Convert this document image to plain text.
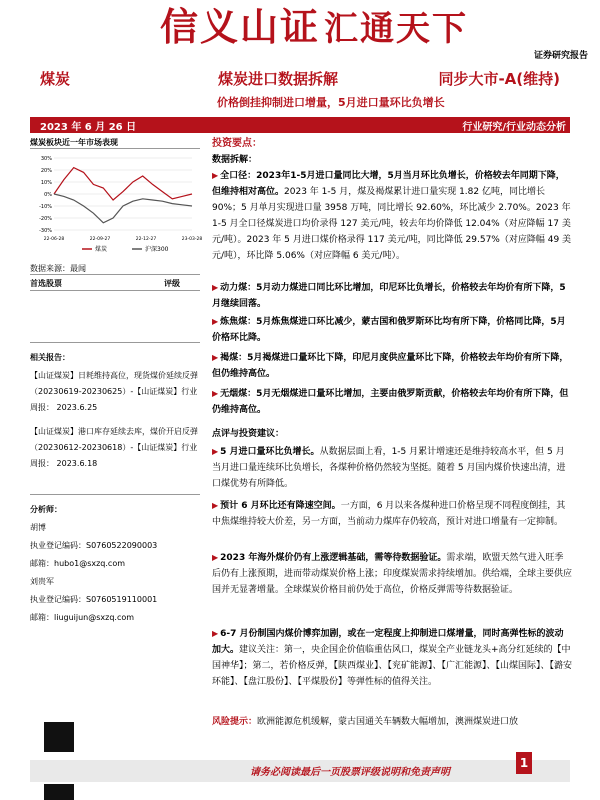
信义山证 汇通天下
证券研究报告
煤炭	煤炭进口数据拆解	同步大市-A(维持)
价格倒挂抑制进口增量，5月进口量环比负增长
2023 年 6 月 26 日	行业研究/行业动态分析
煤炭板块近一年市场表现
30%
20%
10%
0%
-10%
-20%
-30%
22-06-28	22-09-27	22-12-27	23-03-28
煤炭	沪深300
数据来源：最闻
首选股票	评级
相关报告：
【山证煤炭】日耗维持高位，现货煤价延续反弹（20230619-20230625）-【山证煤炭】行业周报： 2023.6.25
【山证煤炭】港口库存延续去库，煤价开启反弹（20230612-20230618）-【山证煤炭】行业周报： 2023.6.18
分析师：
胡博
执业登记编码：S0760522090003
邮箱：hubo1@sxzq.com
刘贵军
执业登记编码：S0760519110001
邮箱：liuguijun@sxzq.com
投资要点：
数据拆解：
▶ 全口径：2023年1-5月进口量同比大增，5月当月环比负增长，价格较去年同期下降，但维持相对高位。2023 年 1-5 月，煤及褐煤累计进口量实现 1.82 亿吨，同比增长 90%；5 月单月实现进口量 3958 万吨，同比增长 92.60%，环比减少 2.70%。2023 年 1-5 月全口径煤炭进口均价录得 127 美元/吨，较去年均价降低 12.04%（对应降幅 17 美元/吨）。2023 年 5 月进口煤价格录得 117 美元/吨，同比降低 29.57%（对应降幅 49 美元/吨），环比降 5.06%（对应降幅 6 美元/吨）。
▶ 动力煤：5月动力煤进口同比环比增加，印尼环比负增长，价格较去年均价有所下降，5月继续回落。
▶ 炼焦煤：5月炼焦煤进口环比减少，蒙古国和俄罗斯环比均有所下降，价格同比降，5月价格环比降。
▶ 褐煤：5月褐煤进口量环比下降，印尼月度供应量环比下降，价格较去年均价有所下降，但仍维持高位。
▶ 无烟煤：5月无烟煤进口量环比增加，主要由俄罗斯贡献，价格较去年均价有所下降，但仍维持高位。
点评与投资建议：
▶ 5 月进口量环比负增长。从数据层面上看，1-5 月累计增速还是维持较高水平，但 5 月当月进口量连续环比负增长，各煤种价格仍然较为坚挺。随着 5 月国内煤价快速出清，进口煤优势有所降低。
▶ 预计 6 月环比还有降速空间。一方面，6 月以来各煤种进口价格呈现不同程度倒挂，其中焦煤维持较大价差，另一方面，当前动力煤库存仍较高，预计对进口增量有一定抑制。
▶ 2023 年海外煤价仍有上涨逻辑基础，需等待数据验证。需求端，欧盟天然气进入旺季后仍有上涨预期，进而带动煤炭价格上涨；印度煤炭需求持续增加。供给端，全球主要供应国并无显著增量。全球煤炭价格目前仍处于高位，价格反弹需等待数据验证。
▶ 6-7 月份制国内煤价博弈加剧，或在一定程度上抑制进口煤增量，同时高弹性标的波动加大。建议关注：第一，央企国企价值临重估风口，煤炭全产业链龙头+高分红延续的【中国神华】；第二，若价格反弹，【陕西煤业】、【兖矿能源】、【广汇能源】、【山煤国际】、【潞安环能】、【盘江股份】、【平煤股份】等弹性标的值得关注。
风险提示：欧洲能源危机缓解，蒙古国通关车辆数大幅增加，澳洲煤炭进口放
请务必阅读最后一页股票评级说明和免责声明
1
